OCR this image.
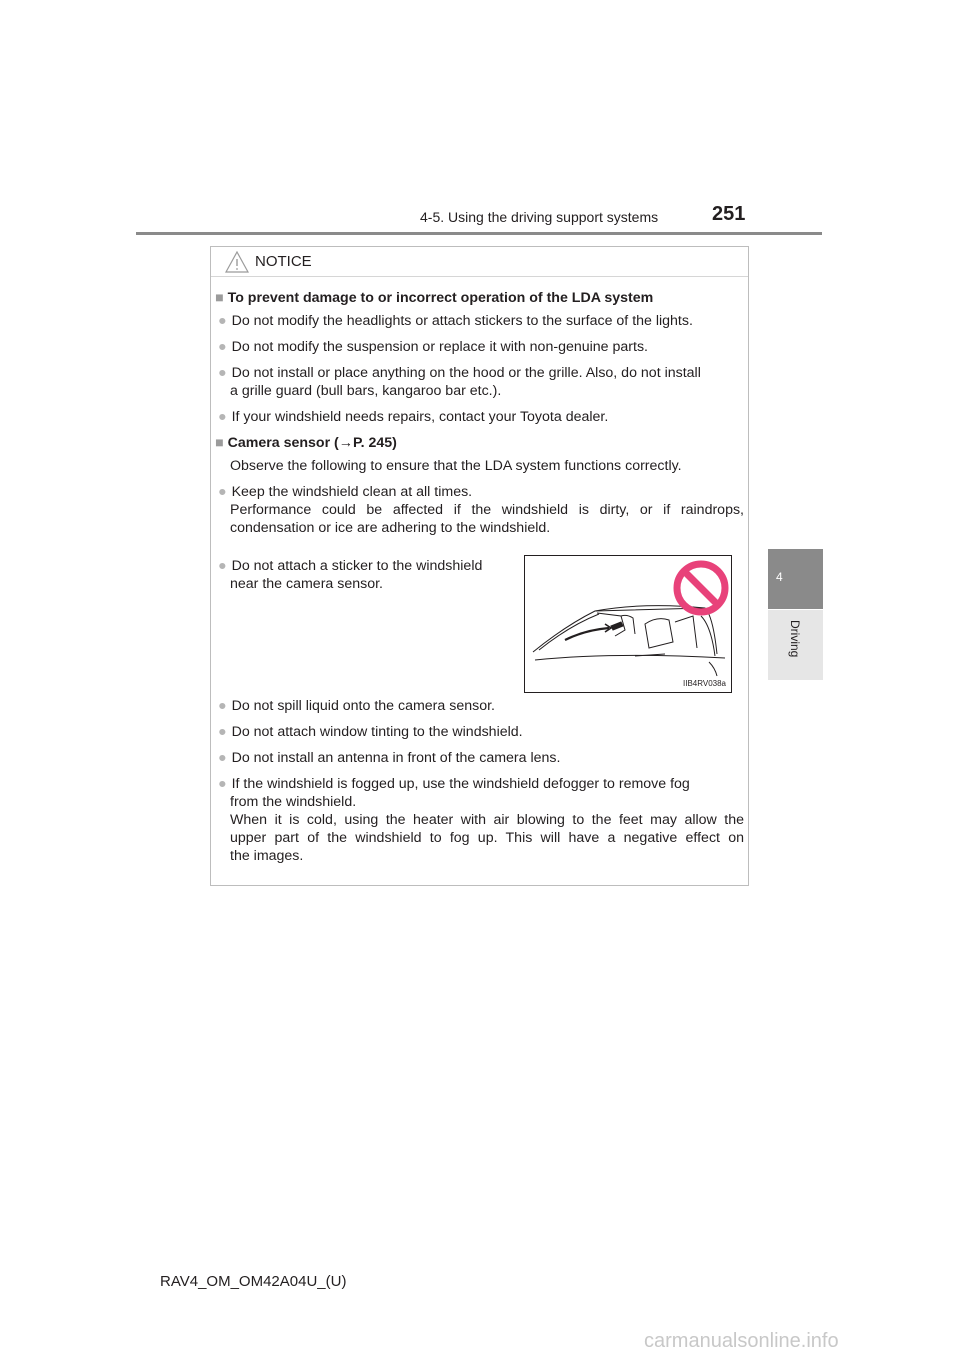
4-5. Using the driving support systems	251
4
Driving
NOTICE
■ To prevent damage to or incorrect operation of the LDA system
● Do not modify the headlights or attach stickers to the surface of the lights.
● Do not modify the suspension or replace it with non-genuine parts.
● Do not install or place anything on the hood or the grille. Also, do not install
a grille guard (bull bars, kangaroo bar etc.).
● If your windshield needs repairs, contact your Toyota dealer.
■ Camera sensor (→P. 245)
Observe the following to ensure that the LDA system functions correctly.
● Keep the windshield clean at all times.
Performance could be affected if the windshield is dirty, or if raindrops,
condensation or ice are adhering to the windshield.
● Do not attach a sticker to the windshield
near the camera sensor.
● Do not spill liquid onto the camera sensor.
● Do not attach window tinting to the windshield.
● Do not install an antenna in front of the camera lens.
● If the windshield is fogged up, use the windshield defogger to remove fog
from the windshield.
When it is cold, using the heater with air blowing to the feet may allow the
upper part of the windshield to fog up. This will have a negative effect on
the images.
IIB4RV038a
RAV4_OM_OM42A04U_(U)
carmanualsonline.info
